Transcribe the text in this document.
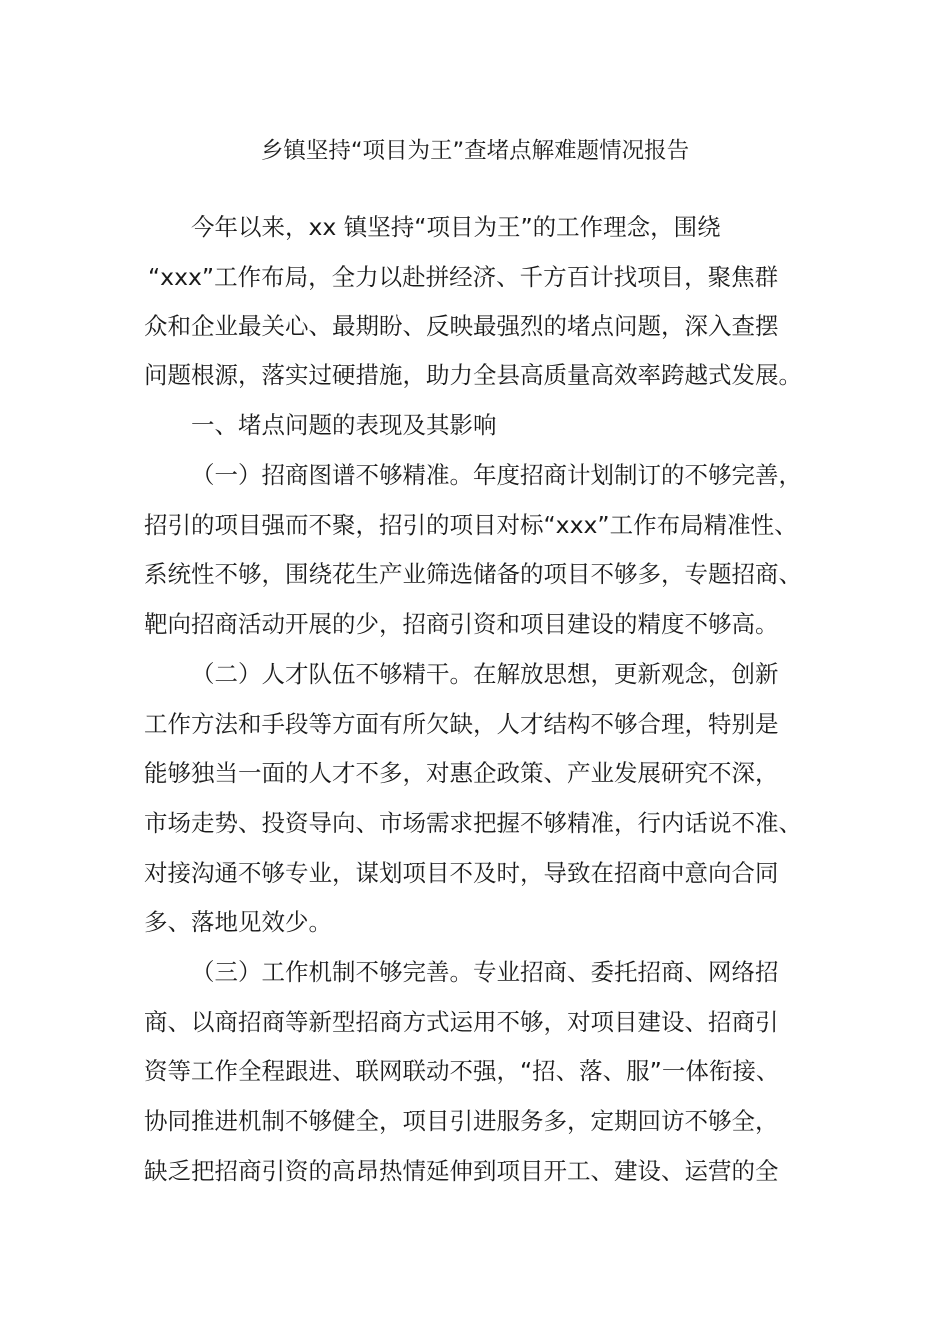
乡镇坚持“项目为王”查堵点解难题情况报告

今年以来，xx 镇坚持“项目为王”的工作理念，围绕

“xxx”工作布局，全力以赴拼经济、千方百计找项目，聚焦群

众和企业最关心、最期盼、反映最强烈的堵点问题，深入查摆

问题根源，落实过硬措施，助力全县高质量高效率跨越式发展。

一、堵点问题的表现及其影响

（一）招商图谱不够精准。年度招商计划制订的不够完善，

招引的项目强而不聚，招引的项目对标“xxx”工作布局精准性、

系统性不够，围绕花生产业筛选储备的项目不够多，专题招商、

靶向招商活动开展的少，招商引资和项目建设的精度不够高。

（二）人才队伍不够精干。在解放思想，更新观念，创新

工作方法和手段等方面有所欠缺，人才结构不够合理，特别是

能够独当一面的人才不多，对惠企政策、产业发展研究不深，

市场走势、投资导向、市场需求把握不够精准，行内话说不准、

对接沟通不够专业，谋划项目不及时，导致在招商中意向合同

多、落地见效少。

（三）工作机制不够完善。专业招商、委托招商、网络招

商、以商招商等新型招商方式运用不够，对项目建设、招商引

资等工作全程跟进、联网联动不强，“招、落、服”一体衔接、

协同推进机制不够健全，项目引进服务多，定期回访不够全，

缺乏把招商引资的高昂热情延伸到项目开工、建设、运营的全
